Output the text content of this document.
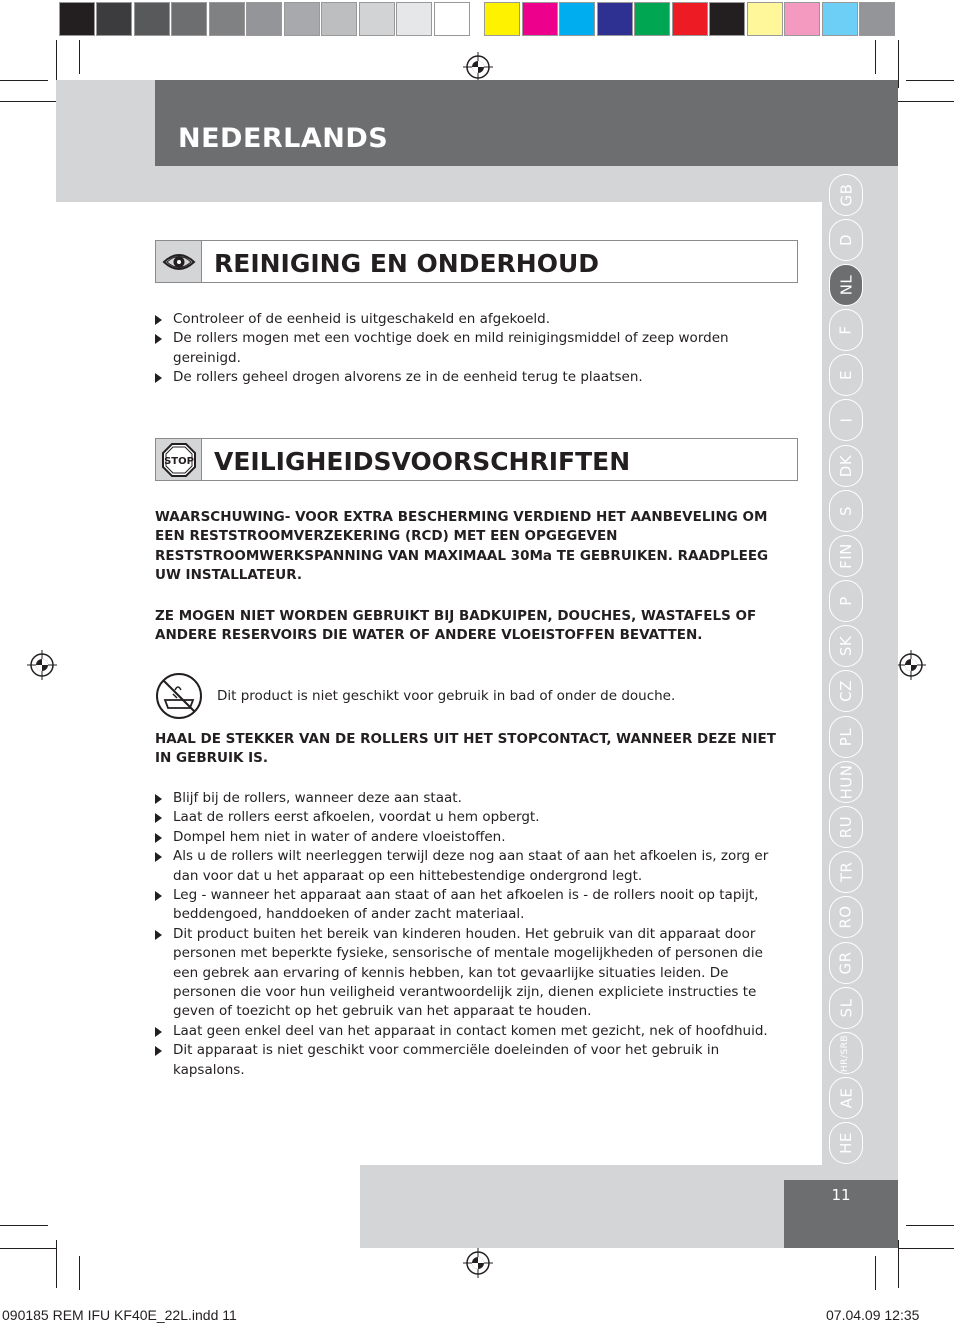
NEDERLANDS
GB
D
NL
F
E
I
DK
S
FIN
P
SK
CZ
PL
HUN
RU
TR
RO
GR
SL
HR/SRB
AE
HE
REINIGING EN ONDERHOUD
Controleer of de eenheid is uitgeschakeld en afgekoeld.
De rollers mogen met een vochtige doek en mild reinigingsmiddel of zeep worden gereinigd.
De rollers geheel drogen alvorens ze in de eenheid terug te plaatsen.
STOP VEILIGHEIDSVOORSCHRIFTEN

WAARSCHUWING- VOOR EXTRA BESCHERMING VERDIEND HET AANBEVELING OM EEN RESTSTROOMVERZEKERING (RCD) MET EEN OPGEGEVEN RESTSTROOMWERKSPANNING VAN MAXIMAAL 30Ma TE GEBRUIKEN. RAADPLEEG UW INSTALLATEUR.

ZE MOGEN NIET WORDEN GEBRUIKT BIJ BADKUIPEN, DOUCHES, WASTAFELS OF ANDERE RESERVOIRS DIE WATER OF ANDERE VLOEISTOFFEN BEVATTEN.

Dit product is niet geschikt voor gebruik in bad of onder de douche.

HAAL DE STEKKER VAN DE ROLLERS UIT HET STOPCONTACT, WANNEER DEZE NIET IN GEBRUIK IS.

Blijf bij de rollers, wanneer deze aan staat.
Laat de rollers eerst afkoelen, voordat u hem opbergt.
Dompel hem niet in water of andere vloeistoffen.
Als u de rollers wilt neerleggen terwijl deze nog aan staat of aan het afkoelen is, zorg er dan voor dat u het apparaat op een hittebestendige ondergrond legt.
Leg - wanneer het apparaat aan staat of aan het afkoelen is - de rollers nooit op tapijt, beddengoed, handdoeken of ander zacht materiaal.
Dit product buiten het bereik van kinderen houden. Het gebruik van dit apparaat door personen met beperkte fysieke, sensorische of mentale mogelijkheden of personen die een gebrek aan ervaring of kennis hebben, kan tot gevaarlijke situaties leiden. De personen die voor hun veiligheid verantwoordelijk zijn, dienen expliciete instructies te geven of toezicht op het gebruik van het apparaat te houden.
Laat geen enkel deel van het apparaat in contact komen met gezicht, nek of hoofdhuid.
Dit apparaat is niet geschikt voor commerciële doeleinden of voor het gebruik in kapsalons.
11
090185 REM IFU KF40E_22L.indd 11	07.04.09 12:35
